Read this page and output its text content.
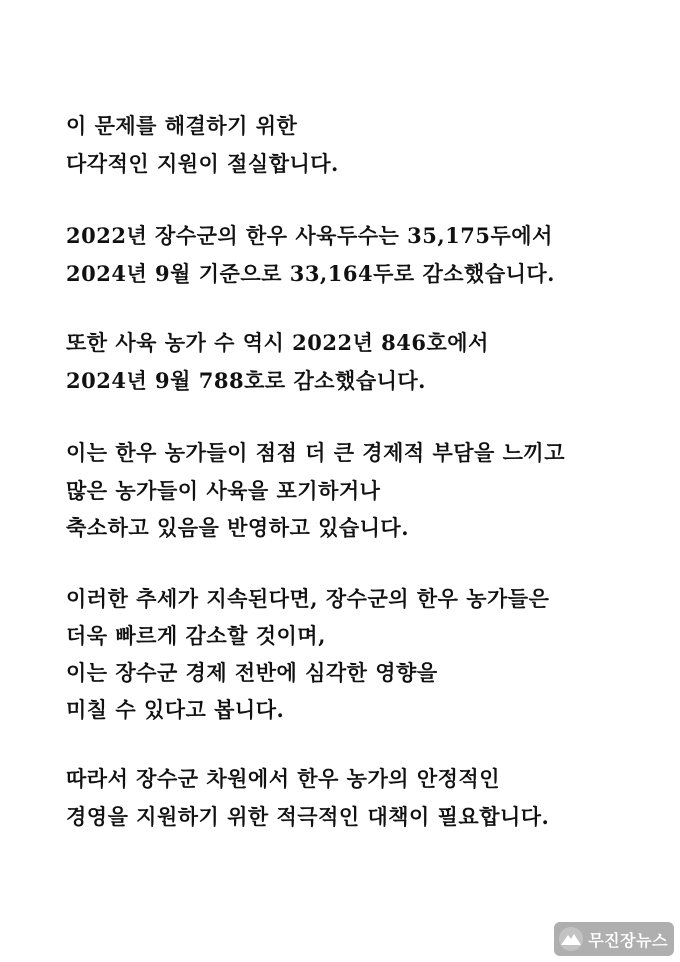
이 문제를 해결하기 위한
다각적인 지원이 절실합니다.
2022년 장수군의 한우 사육두수는 35,175두에서
2024년 9월 기준으로 33,164두로 감소했습니다.
또한 사육 농가 수 역시 2022년 846호에서
2024년 9월 788호로 감소했습니다.
이는 한우 농가들이 점점 더 큰 경제적 부담을 느끼고
많은 농가들이 사육을 포기하거나
축소하고 있음을 반영하고 있습니다.
이러한 추세가 지속된다면, 장수군의 한우 농가들은
더욱 빠르게 감소할 것이며,
이는 장수군 경제 전반에 심각한 영향을
미칠 수 있다고 봅니다.
따라서 장수군 차원에서 한우 농가의 안정적인
경영을 지원하기 위한 적극적인 대책이 필요합니다.
무진장뉴스
